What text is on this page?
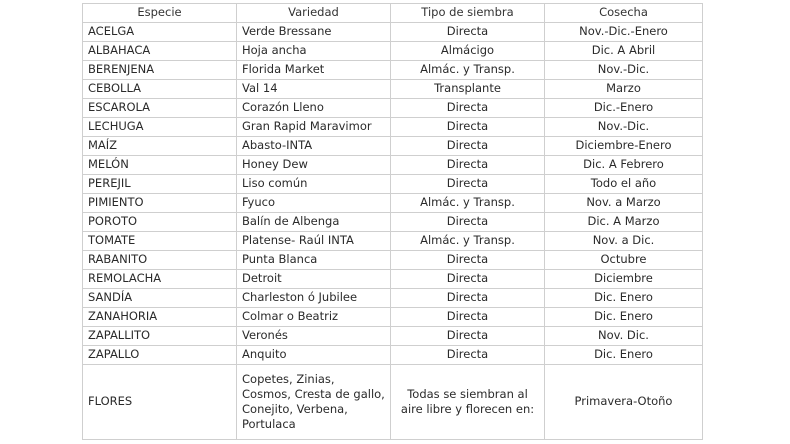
Especie	Variedad	Tipo de siembra	Cosecha
ACELGA	Verde Bressane	Directa	Nov.-Dic.-Enero
ALBAHACA	Hoja ancha	Almácigo	Dic. A Abril
BERENJENA	Florida Market	Almác. y Transp.	Nov.-Dic.
CEBOLLA	Val 14	Transplante	Marzo
ESCAROLA	Corazón Lleno	Directa	Dic.-Enero
LECHUGA	Gran Rapid Maravimor	Directa	Nov.-Dic.
MAÍZ	Abasto-INTA	Directa	Diciembre-Enero
MELÓN	Honey Dew	Directa	Dic. A Febrero
PEREJIL	Liso común	Directa	Todo el año
PIMIENTO	Fyuco	Almác. y Transp.	Nov. a Marzo
POROTO	Balín de Albenga	Directa	Dic. A Marzo
TOMATE	Platense- Raúl INTA	Almác. y Transp.	Nov. a Dic.
RABANITO	Punta Blanca	Directa	Octubre
REMOLACHA	Detroit	Directa	Diciembre
SANDÍA	Charleston ó Jubilee	Directa	Dic. Enero
ZANAHORIA	Colmar o Beatriz	Directa	Dic. Enero
ZAPALLITO	Veronés	Directa	Nov. Dic.
ZAPALLO	Anquito	Directa	Dic. Enero
FLORES	Copetes, Zinias, Cosmos, Cresta de gallo, Conejito, Verbena, Portulaca	Todas se siembran al aire libre y florecen en:	Primavera-Otoño
